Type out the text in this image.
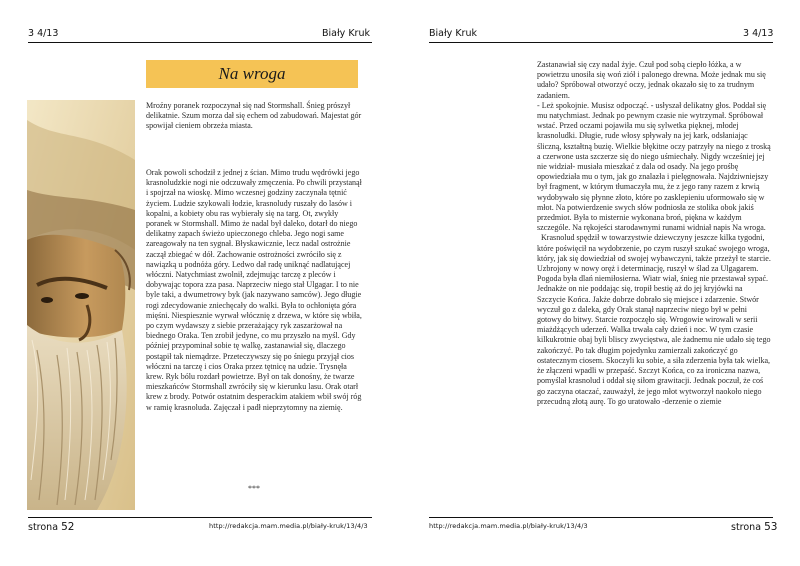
3 4/13	Biały Kruk
Na wroga

Mroźny poranek rozpoczynał się nad Stormshall. Śnieg prószył delikatnie. Szum morza dał się echem od zabudowań. Majestat gór spowijał cieniem obrzeża miasta.

Orak powoli schodził z jednej z ścian. Mimo trudu wędrówki jego krasnoludzkie nogi nie odczuwały zmęczenia. Po chwili przystanął i spojrzał na wioskę. Mimo wczesnej godziny zaczynała tętnić życiem. Ludzie szykowali łodzie, krasnoludy ruszały do lasów i kopalni, a kobiety obu ras wybierały się na targ. Ot, zwykły poranek w Stormshall. Mimo że nadal był daleko, dotarł do niego delikatny zapach świeżo upieczonego chleba. Jego nogi same zareagowały na ten sygnał. Błyskawicznie, lecz nadal ostrożnie zaczął zbiegać w dół. Zachowanie ostrożności zwróciło się z nawiązką u podnóża góry. Ledwo dał radę uniknąć nadlatującej włóczni. Natychmiast zwolnił, zdejmując tarczę z pleców i dobywając topora zza pasa. Naprzeciw niego stał Ulgagar. I to nie byle taki, a dwumetrowy byk (jak nazywano samców). Jego długie rogi zdecydowanie zniechęcały do walki. Była to ochłonięta góra mięśni. Niespiesznie wyrwał włócznię z drzewa, w które się wbiła, po czym wydawszy z siebie przerażający ryk zaszarżował na biednego Oraka. Ten zrobił jedyne, co mu przyszło na myśl. Gdy później przypominał sobie tę walkę, zastanawiał się, dlaczego postąpił tak niemądrze. Przeteczywszy się po śniegu przyjął cios włóczni na tarczę i cios Oraka przez tętnicę na udzie. Trysnęła krew. Ryk bólu rozdarł powietrze. Był on tak donośny, że twarze mieszkańców Stormshall zwróciły się w kierunku lasu. Orak otarł krew z brody. Potwór ostatnim desperackim atakiem wbił swój róg w ramię krasnoluda. Zajęczał i padł nieprzytomny na ziemię.

***
strona 52	http://redakcja.mam.media.pl/biały-kruk/13/4/3
Biały Kruk	3 4/13
http://redakcja.mam.media.pl/biały-kruk/13/4/3	strona 53

Zastanawiał się czy nadal żyje. Czuł pod sobą ciepło łóżka, a w powietrzu unosiła się woń ziół i palonego drewna. Może jednak mu się udało? Spróbował otworzyć oczy, jednak okazało się to za trudnym zadaniem.

- Leż spokojnie. Musisz odpocząć. - usłyszał delikatny głos. Poddał się mu natychmiast. Jednak po pewnym czasie nie wytrzymał. Spróbował wstać. Przed oczami pojawiła mu się sylwetka pięknej, młodej krasnoludki. Długie, rude włosy spływały na jej kark, odsłaniając śliczną, kształtną buzię. Wielkie błękitne oczy patrzyły na niego z troską a czerwone usta szczerze się do niego uśmiechały. Nigdy wcześniej jej nie widział- musiała mieszkać z dala od osady. Na jego prośbę opowiedziała mu o tym, jak go znalazła i pielęgnowała. Najdziwniejszy był fragment, w którym tłumaczyła mu, że z jego rany razem z krwią wydobywało się płynne złoto, które po zasklepieniu uformowało się w młot. Na potwierdzenie swych słów podniosła ze stolika obok jakiś przedmiot. Była to misternie wykonana broń, piękna w każdym szczególe. Na rękojeści starodawnymi runami widniał napis Na wroga.

Krasnolud spędził w towarzystwie dziewczyny jeszcze kilka tygodni, które poświęcił na wydobrzenie, po czym ruszył szukać swojego wroga, który, jak się dowiedział od swojej wybawczyni, także przeżył te starcie. Uzbrojony w nowy oręż i determinację, ruszył w ślad za Ulgagarem. Pogoda była dlań niemiłosierna. Wiatr wiał, śnieg nie przestawał sypać. Jednakże on nie poddając się, tropił bestię aż do jej kryjówki na Szczycie Końca. Jakże dobrze dobrało się miejsce i zdarzenie. Stwór wyczuł go z daleka, gdy Orak stanął naprzeciw niego był w pełni gotowy do bitwy. Starcie rozpoczęło się. Wrogowie wirowali w serii miażdżących uderzeń. Walka trwała cały dzień i noc. W tym czasie kilkukrotnie obaj byli bliscy zwycięstwa, ale żadnemu nie udało się tego zakończyć. Po tak długim pojedynku zamierzali zakończyć go ostatecznym ciosem. Skoczyli ku sobie, a siła zderzenia była tak wielka, że złączeni wpadli w przepaść. Szczyt Końca, co za ironiczna nazwa, pomyślał krasnolud i oddał się siłom grawitacji. Jednak poczuł, że coś go zaczyna otaczać, zauważył, że jego młot wytworzył naokoło niego przecudną złotą aurę. To go uratowało -derzenie o ziemie
